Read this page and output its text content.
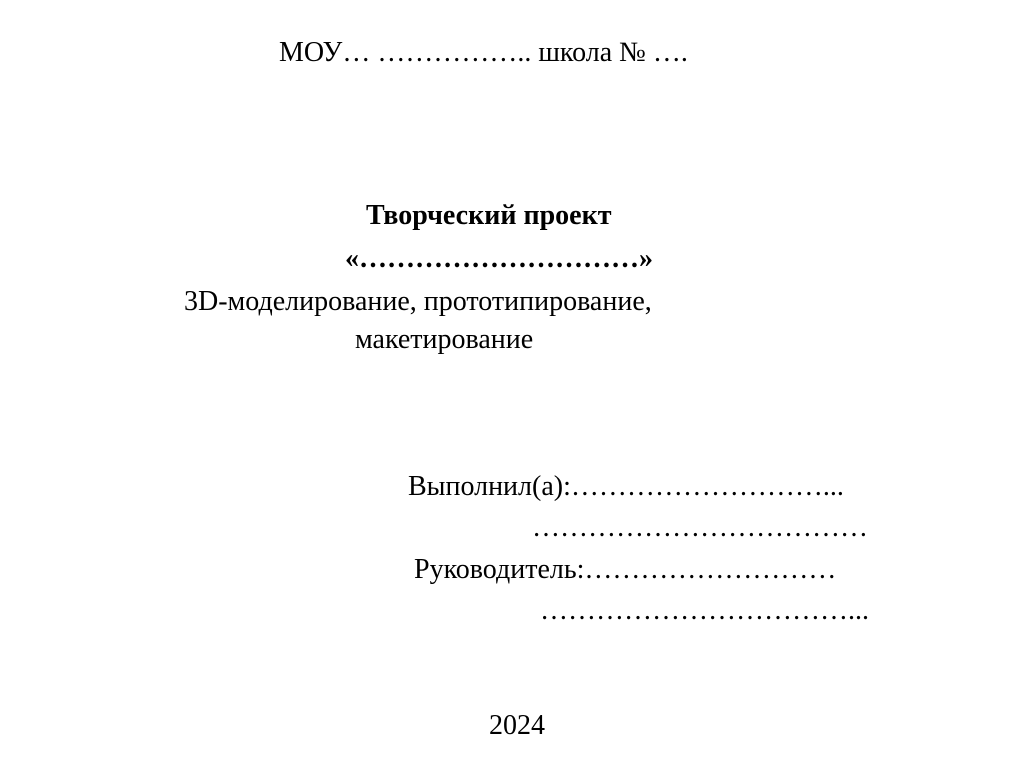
МОУ… …………….. школа № ….
Творческий проект
«…………………………»
3D-моделирование, прототипирование,
макетирование
Выполнил(а):………………………...
………………………………
Руководитель:………………………
……………………………...
2024
